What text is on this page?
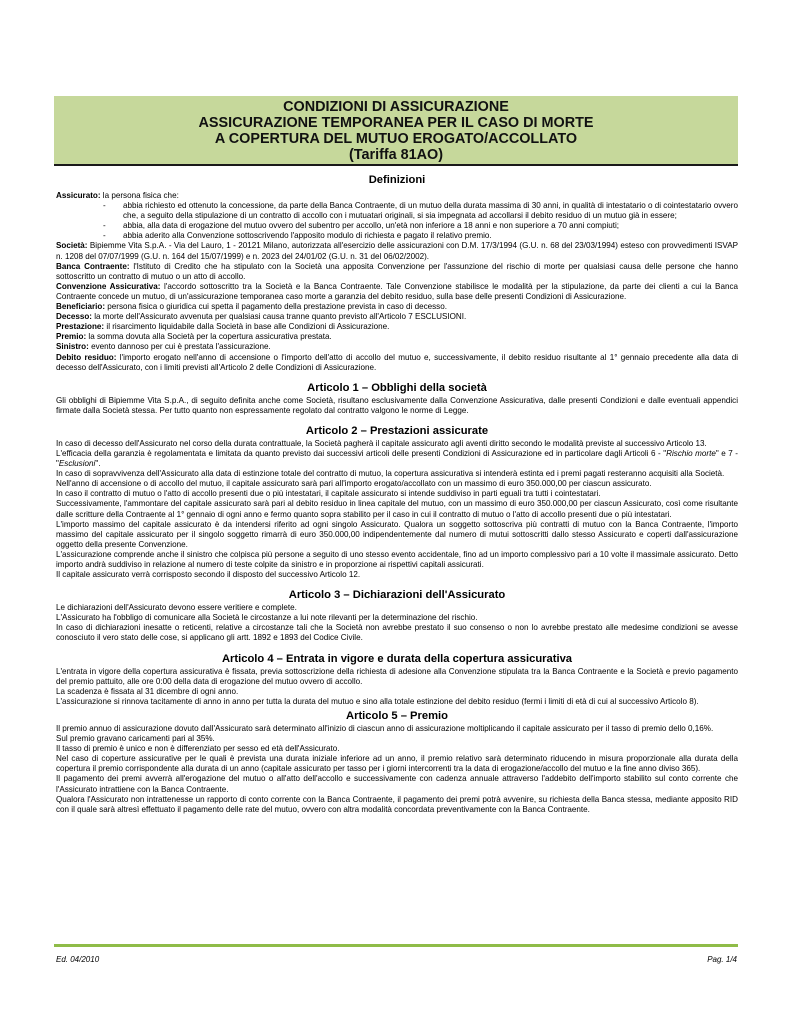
CONDIZIONI DI ASSICURAZIONE
ASSICURAZIONE TEMPORANEA PER IL CASO DI MORTE
A COPERTURA DEL MUTUO EROGATO/ACCOLLATO
(Tariffa 81AO)
Definizioni

Assicurato: la persona fisica che:

- abbia richiesto ed ottenuto la concessione, da parte della Banca Contraente, di un mutuo della durata massima di 30 anni, in qualità di intestatario o di cointestatario ovvero che, a seguito della stipulazione di un contratto di accollo con i mutuatari originali, si sia impegnata ad accollarsi il debito residuo di un mutuo già in essere;

- abbia, alla data di erogazione del mutuo ovvero del subentro per accollo, un'età non inferiore a 18 anni e non superiore a 70 anni compiuti;

- abbia aderito alla Convenzione sottoscrivendo l'apposito modulo di richiesta e pagato il relativo premio.

Società: Bipiemme Vita S.p.A. - Via del Lauro, 1 - 20121 Milano, autorizzata all'esercizio delle assicurazioni con D.M. 17/3/1994 (G.U. n. 68 del 23/03/1994) esteso con provvedimenti ISVAP n. 1208 del 07/07/1999 (G.U. n. 164 del 15/07/1999) e n. 2023 del 24/01/02 (G.U. n. 31 del 06/02/2002).

Banca Contraente: l'Istituto di Credito che ha stipulato con la Società una apposita Convenzione per l'assunzione del rischio di morte per qualsiasi causa delle persone che hanno sottoscritto un contratto di mutuo o un atto di accollo.

Convenzione Assicurativa: l'accordo sottoscritto tra la Società e la Banca Contraente. Tale Convenzione stabilisce le modalità per la stipulazione, da parte dei clienti a cui la Banca Contraente concede un mutuo, di un'assicurazione temporanea caso morte a garanzia del debito residuo, sulla base delle presenti Condizioni di Assicurazione.

Beneficiario: persona fisica o giuridica cui spetta il pagamento della prestazione prevista in caso di decesso.

Decesso: la morte dell'Assicurato avvenuta per qualsiasi causa tranne quanto previsto all'Articolo 7 ESCLUSIONI.

Prestazione: il risarcimento liquidabile dalla Società in base alle Condizioni di Assicurazione.

Premio: la somma dovuta alla Società per la copertura assicurativa prestata.

Sinistro: evento dannoso per cui è prestata l'assicurazione.

Debito residuo: l'importo erogato nell'anno di accensione o l'importo dell'atto di accollo del mutuo e, successivamente, il debito residuo risultante al 1° gennaio precedente alla data di decesso dell'Assicurato, con i limiti previsti all'Articolo 2 delle Condizioni di Assicurazione.

Articolo 1 – Obblighi della società

Gli obblighi di Bipiemme Vita S.p.A., di seguito definita anche come Società, risultano esclusivamente dalla Convenzione Assicurativa, dalle presenti Condizioni e dalle eventuali appendici firmate dalla Società stessa. Per tutto quanto non espressamente regolato dal contratto valgono le norme di Legge.

Articolo 2 – Prestazioni assicurate

In caso di decesso dell'Assicurato nel corso della durata contrattuale, la Società pagherà il capitale assicurato agli aventi diritto secondo le modalità previste al successivo Articolo 13.

L'efficacia della garanzia è regolamentata e limitata da quanto previsto dai successivi articoli delle presenti Condizioni di Assicurazione ed in particolare dagli Articoli 6 - "Rischio morte" e 7 - "Esclusioni".

In caso di sopravvivenza dell'Assicurato alla data di estinzione totale del contratto di mutuo, la copertura assicurativa si intenderà estinta ed i premi pagati resteranno acquisiti alla Società.

Nell'anno di accensione o di accollo del mutuo, il capitale assicurato sarà pari all'importo erogato/accollato con un massimo di euro 350.000,00 per ciascun assicurato.

In caso il contratto di mutuo o l'atto di accollo presenti due o più intestatari, il capitale assicurato si intende suddiviso in parti eguali tra tutti i cointestatari.

Successivamente, l'ammontare del capitale assicurato sarà pari al debito residuo in linea capitale del mutuo, con un massimo di euro 350.000,00 per ciascun Assicurato, così come risultante dalle scritture della Contraente al 1° gennaio di ogni anno e fermo quanto sopra stabilito per il caso in cui il contratto di mutuo o l'atto di accollo presenti due o più intestatari.

L'importo massimo del capitale assicurato è da intendersi riferito ad ogni singolo Assicurato. Qualora un soggetto sottoscriva più contratti di mutuo con la Banca Contraente, l'importo massimo del capitale assicurato per il singolo soggetto rimarrà di euro 350.000,00 indipendentemente dal numero di mutui sottoscritti dallo stesso Assicurato e coperti dall'assicurazione oggetto della presente Convenzione.

L'assicurazione comprende anche il sinistro che colpisca più persone a seguito di uno stesso evento accidentale, fino ad un importo complessivo pari a 10 volte il massimale assicurato. Detto importo andrà suddiviso in relazione al numero di teste colpite da sinistro e in proporzione ai rispettivi capitali assicurati.

Il capitale assicurato verrà corrisposto secondo il disposto del successivo Articolo 12.

Articolo 3 – Dichiarazioni dell'Assicurato

Le dichiarazioni dell'Assicurato devono essere veritiere e complete.

L'Assicurato ha l'obbligo di comunicare alla Società le circostanze a lui note rilevanti per la determinazione del rischio.

In caso di dichiarazioni inesatte o reticenti, relative a circostanze tali che la Società non avrebbe prestato il suo consenso o non lo avrebbe prestato alle medesime condizioni se avesse conosciuto il vero stato delle cose, si applicano gli artt. 1892 e 1893 del Codice Civile.

Articolo 4 – Entrata in vigore e durata della copertura assicurativa

L'entrata in vigore della copertura assicurativa è fissata, previa sottoscrizione della richiesta di adesione alla Convenzione stipulata tra la Banca Contraente e la Società e previo pagamento del premio pattuito, alle ore 0:00 della data di erogazione del mutuo ovvero di accollo.

La scadenza è fissata al 31 dicembre di ogni anno.

L'assicurazione si rinnova tacitamente di anno in anno per tutta la durata del mutuo e sino alla totale estinzione del debito residuo (fermi i limiti di età di cui al successivo Articolo 8).

Articolo 5 – Premio

Il premio annuo di assicurazione dovuto dall'Assicurato sarà determinato all'inizio di ciascun anno di assicurazione moltiplicando il capitale assicurato per il tasso di premio dello 0,16%.

Sul premio gravano caricamenti pari al 35%.

Il tasso di premio è unico e non è differenziato per sesso ed età dell'Assicurato.

Nel caso di coperture assicurative per le quali è prevista una durata iniziale inferiore ad un anno, il premio relativo sarà determinato riducendo in misura proporzionale alla durata della copertura il premio corrispondente alla durata di un anno (capitale assicurato per tasso per i giorni intercorrenti tra la data di erogazione/accollo del mutuo e la fine anno diviso 365).

Il pagamento dei premi avverrà all'erogazione del mutuo o all'atto dell'accollo e successivamente con cadenza annuale attraverso l'addebito dell'importo stabilito sul conto corrente che l'Assicurato intrattiene con la Banca Contraente.

Qualora l'Assicurato non intrattenesse un rapporto di conto corrente con la Banca Contraente, il pagamento dei premi potrà avvenire, su richiesta della Banca stessa, mediante apposito RID con il quale sarà altresì effettuato il pagamento delle rate del mutuo, ovvero con altra modalità concordata preventivamente con la Banca Contraente.

Ed. 04/2010	Pag. 1/4
